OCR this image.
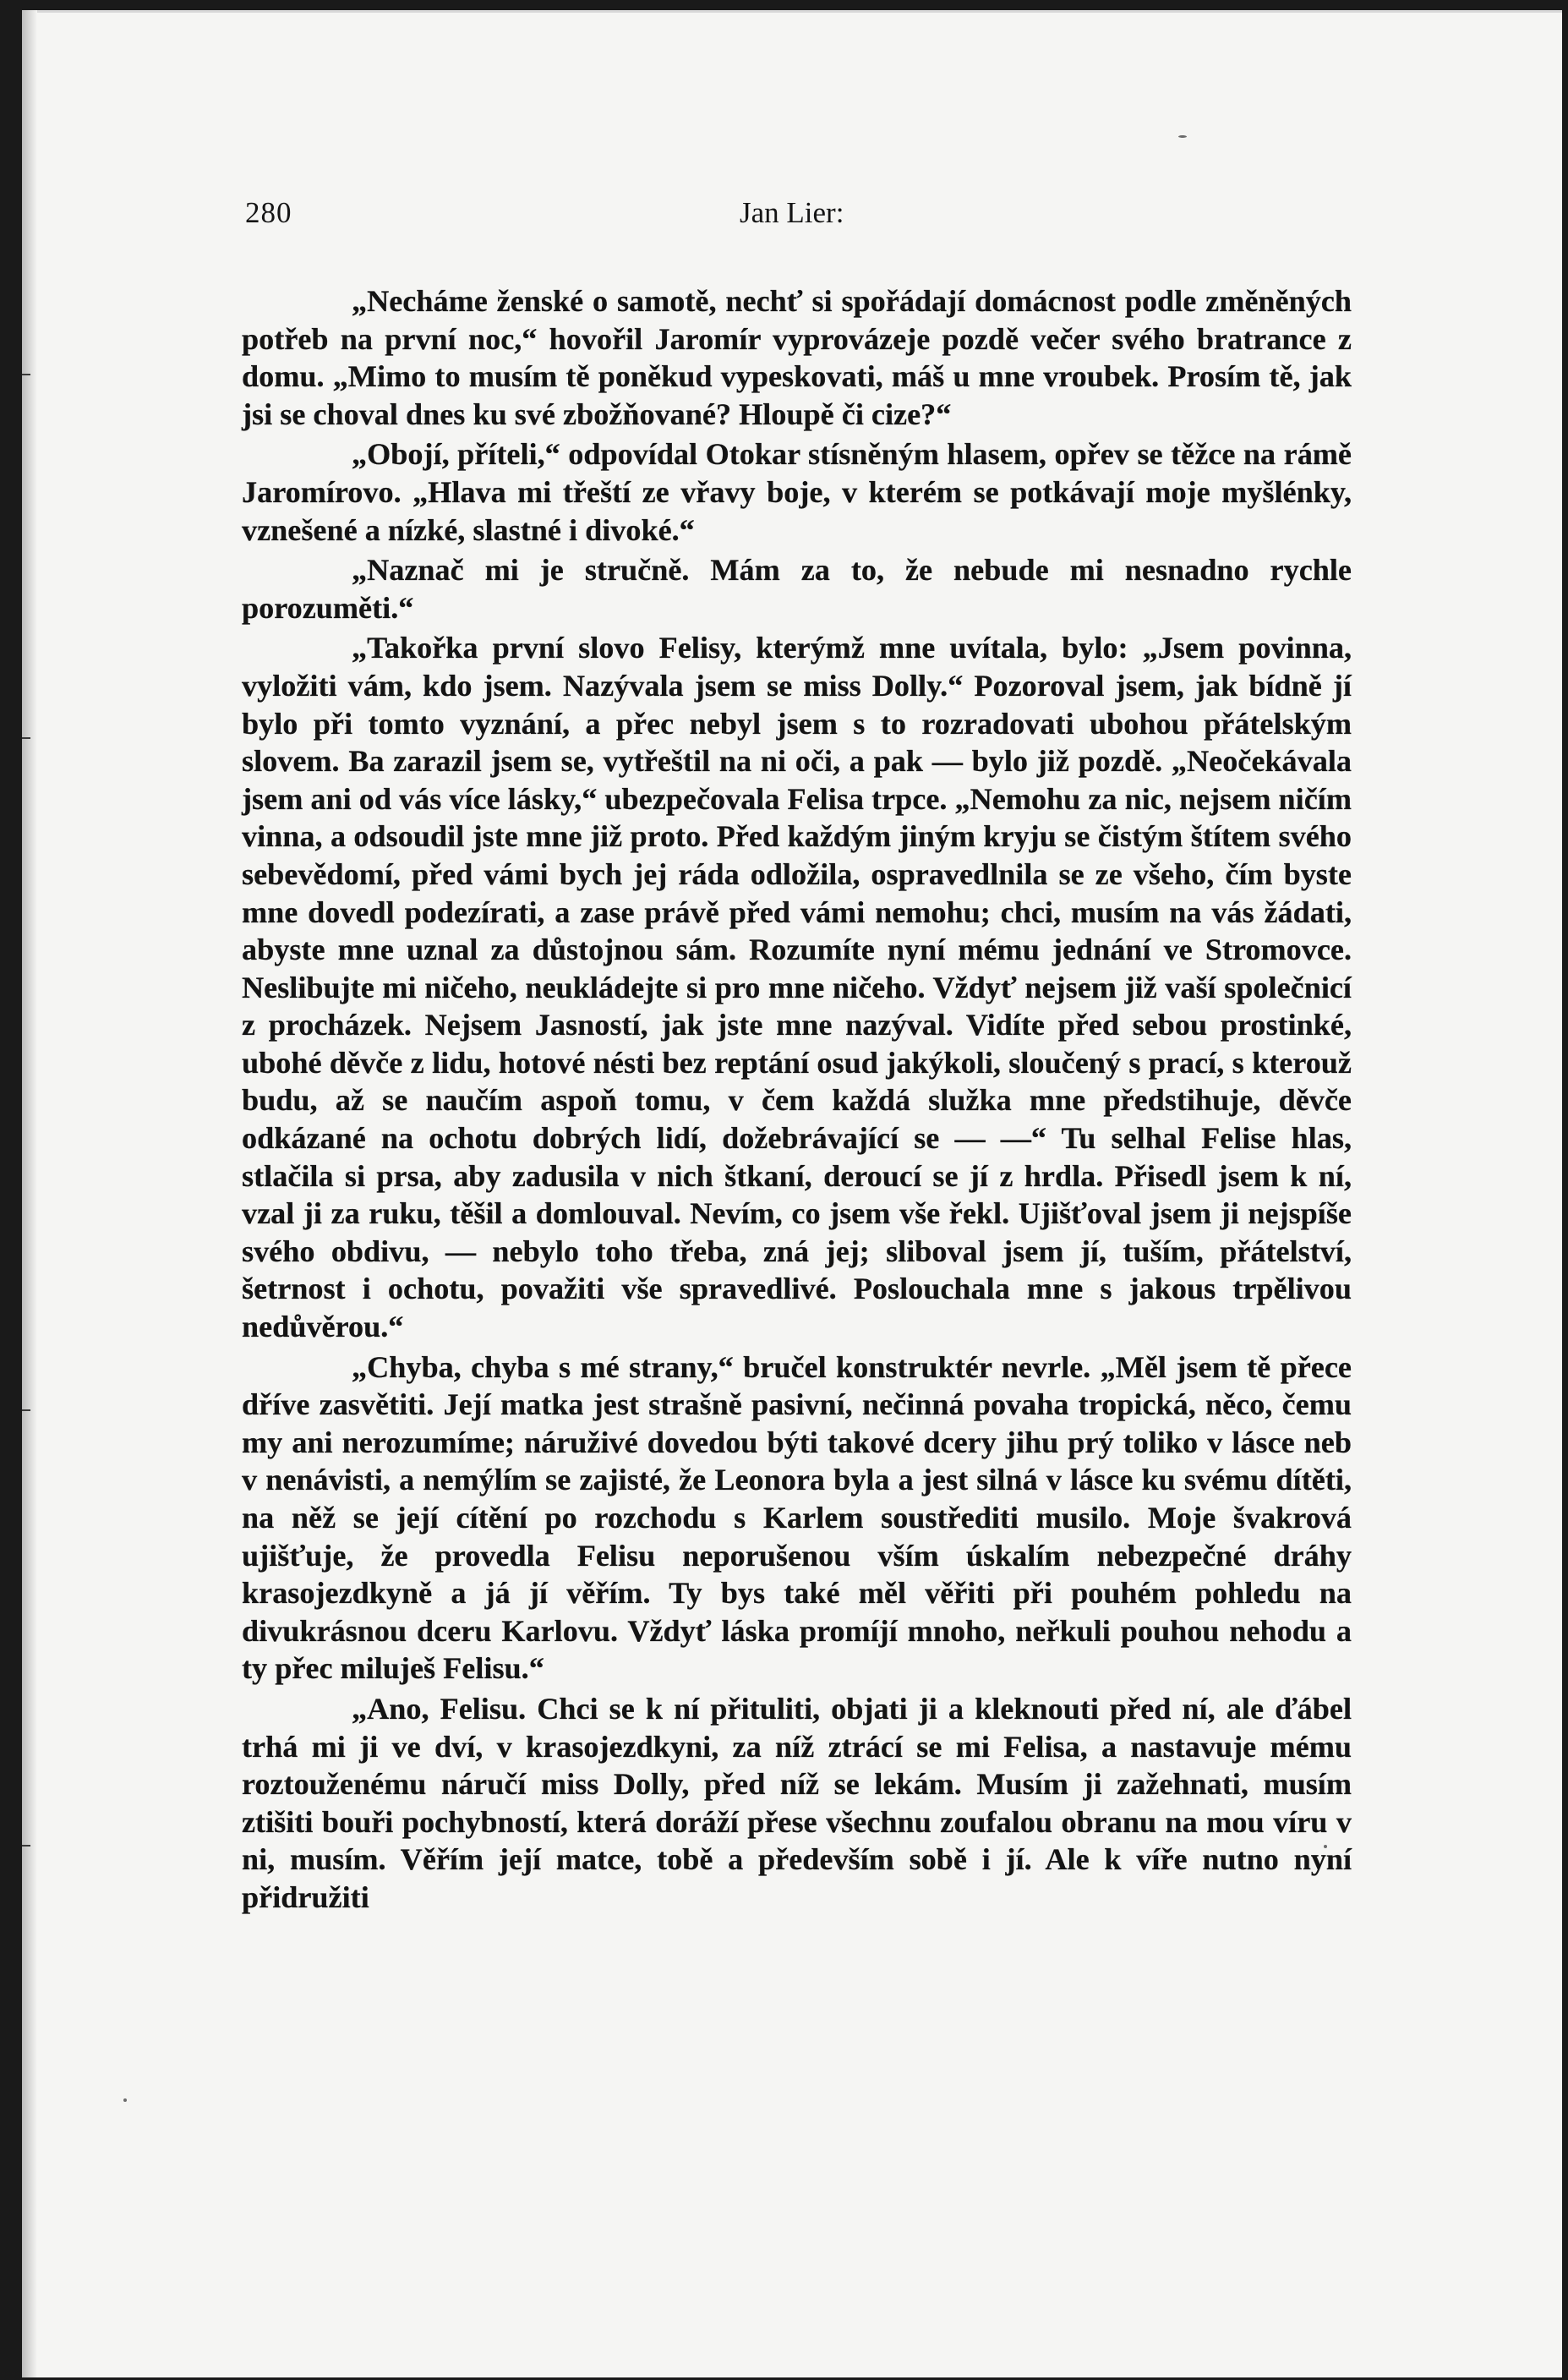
280	Jan Lier:

„Necháme ženské o samotě, nechť si spořádají domácnost podle změněných potřeb na první noc,“ hovořil Jaromír vyprovázeje pozdě večer svého bratrance z domu. „Mimo to musím tě poněkud vypeskovati, máš u mne vroubek. Prosím tě, jak jsi se choval dnes ku své zbožňované? Hloupě či cize?“

„Obojí, příteli,“ odpovídal Otokar stísněným hlasem, opřev se těžce na rámě Jaromírovo. „Hlava mi třeští ze vřavy boje, v kterém se potkávají moje myšlénky, vznešené a nízké, slastné i divoké.“

„Naznač mi je stručně. Mám za to, že nebude mi nesnadno rychle porozuměti.“

„Takořka první slovo Felisy, kterýmž mne uvítala, bylo: „Jsem povinna, vyložiti vám, kdo jsem. Nazývala jsem se miss Dolly.“ Pozoroval jsem, jak bídně jí bylo při tomto vyznání, a přec nebyl jsem s to rozradovati ubohou přátelským slovem. Ba zarazil jsem se, vytřeštil na ni oči, a pak — bylo již pozdě. „Neočekávala jsem ani od vás více lásky,“ ubezpečovala Felisa trpce. „Nemohu za nic, nejsem ničím vinna, a odsoudil jste mne již proto. Před každým jiným kryju se čistým štítem svého sebevědomí, před vámi bych jej ráda odložila, ospravedlnila se ze všeho, čím byste mne dovedl podezírati, a zase právě před vámi nemohu; chci, musím na vás žádati, abyste mne uznal za důstojnou sám. Rozumíte nyní mému jednání ve Stromovce. Neslibujte mi ničeho, neukládejte si pro mne ničeho. Vždyť nejsem již vaší společnicí z procházek. Nejsem Jasností, jak jste mne nazýval. Vidíte před sebou prostinké, ubohé děvče z lidu, hotové nésti bez reptání osud jakýkoli, sloučený s prací, s kterouž budu, až se naučím aspoň tomu, v čem každá služka mne předstihuje, děvče odkázané na ochotu dobrých lidí, dožebrávající se — —“ Tu selhal Felise hlas, stlačila si prsa, aby zadusila v nich štkaní, deroucí se jí z hrdla. Přisedl jsem k ní, vzal ji za ruku, těšil a domlouval. Nevím, co jsem vše řekl. Ujišťoval jsem ji nejspíše svého obdivu, — nebylo toho třeba, zná jej; sliboval jsem jí, tuším, přátelství, šetrnost i ochotu, považiti vše spravedlivé. Poslouchala mne s jakous trpělivou nedůvěrou.“

„Chyba, chyba s mé strany,“ bručel konstruktér nevrle. „Měl jsem tě přece dříve zasvětiti. Její matka jest strašně pasivní, nečinná povaha tropická, něco, čemu my ani nerozumíme; náruživé dovedou býti takové dcery jihu prý toliko v lásce neb v nenávisti, a nemýlím se zajisté, že Leonora byla a jest silná v lásce ku svému dítěti, na něž se její cítění po rozchodu s Karlem soustřediti musilo. Moje švakrová ujišťuje, že provedla Felisu neporušenou vším úskalím nebezpečné dráhy krasojezdkyně a já jí věřím. Ty bys také měl věřiti při pouhém pohledu na divukrásnou dceru Karlovu. Vždyť láska promíjí mnoho, neřkuli pouhou nehodu a ty přec miluješ Felisu.“

„Ano, Felisu. Chci se k ní přituliti, objati ji a kleknouti před ní, ale ďábel trhá mi ji ve dví, v krasojezdkyni, za níž ztrácí se mi Felisa, a nastavuje mému roztouženému náručí miss Dolly, před níž se lekám. Musím ji zažehnati, musím ztišiti bouři pochybností, která doráží přese všechnu zoufalou obranu na mou víru v ni, musím. Věřím její matce, tobě a především sobě i jí. Ale k víře nutno nyní přidružiti
